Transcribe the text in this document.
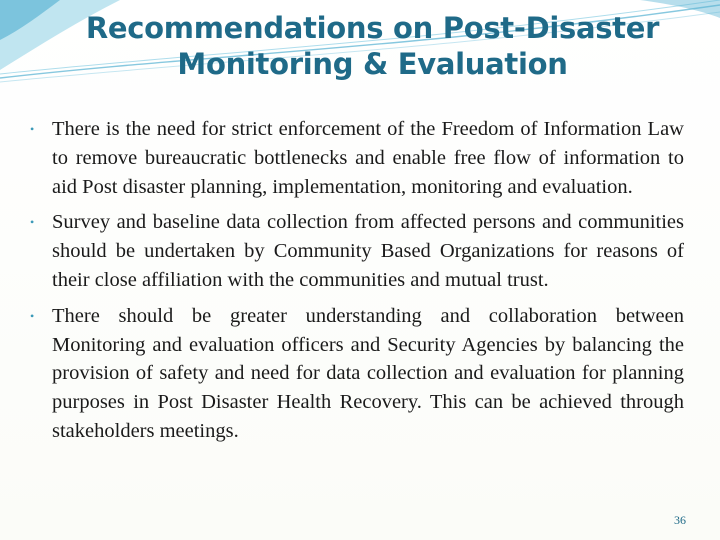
Recommendations on Post-Disaster
Monitoring & Evaluation
• There is the need for strict enforcement of the Freedom of Information Law to remove bureaucratic bottlenecks and enable free flow of information to aid Post disaster planning, implementation, monitoring and evaluation.
• Survey and baseline data collection from affected persons and communities should be undertaken by Community Based Organizations for reasons of their close affiliation with the communities and mutual trust.
• There should be greater understanding and collaboration between Monitoring and evaluation officers and Security Agencies by balancing the provision of safety and need for data collection and evaluation for planning purposes in Post Disaster Health Recovery. This can be achieved through stakeholders meetings.
36
